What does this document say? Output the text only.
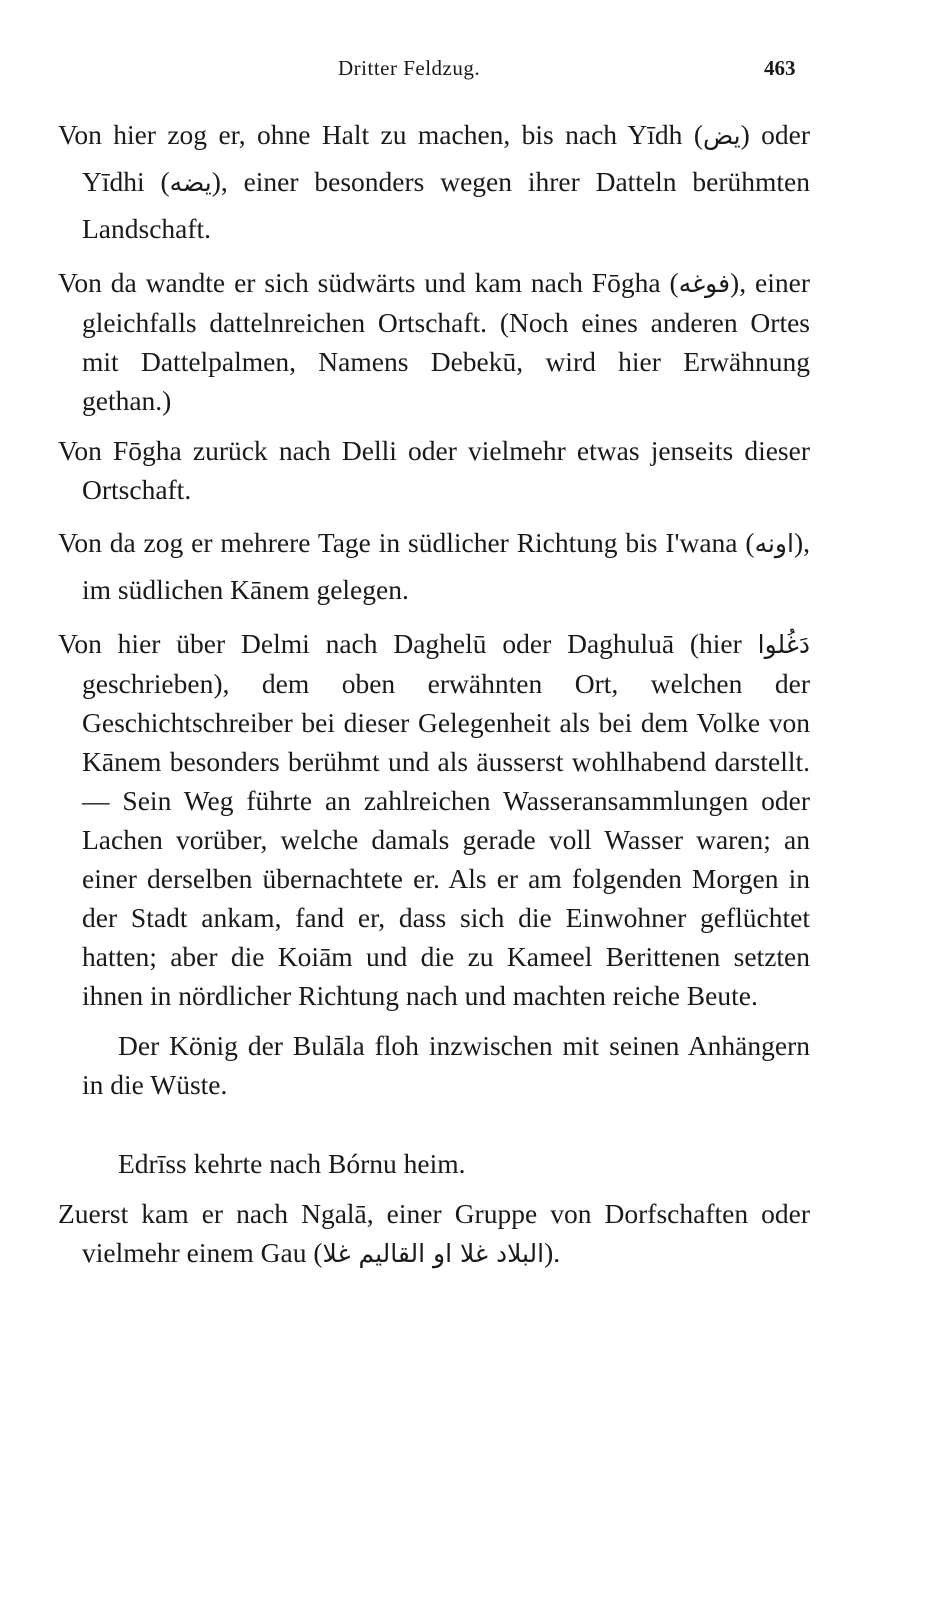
Dritter Feldzug.	463

Von hier zog er, ohne Halt zu machen, bis nach Yīdh (يض) oder Yīdhi (يضه), einer besonders wegen ihrer Datteln berühmten Landschaft.

Von da wandte er sich südwärts und kam nach Fōgha (فوغه), einer gleichfalls dattelnreichen Ortschaft. (Noch eines anderen Ortes mit Dattelpalmen, Namens Debekū, wird hier Erwähnung gethan.)

Von Fōgha zurück nach Delli oder vielmehr etwas jenseits dieser Ortschaft.

Von da zog er mehrere Tage in südlicher Richtung bis I'wana (اونه), im südlichen Kānem gelegen.

Von hier über Delmi nach Daghelū oder Daghuluā (hier دَغُلوا geschrieben), dem oben erwähnten Ort, welchen der Geschichtschreiber bei dieser Gelegenheit als bei dem Volke von Kānem besonders berühmt und als äusserst wohlhabend darstellt. — Sein Weg führte an zahlreichen Wasseransammlungen oder Lachen vorüber, welche damals gerade voll Wasser waren; an einer derselben übernachtete er. Als er am folgenden Morgen in der Stadt ankam, fand er, dass sich die Einwohner geflüchtet hatten; aber die Koiām und die zu Kameel Berittenen setzten ihnen in nördlicher Richtung nach und machten reiche Beute.

Der König der Bulāla floh inzwischen mit seinen Anhängern in die Wüste.

Edrīss kehrte nach Bórnu heim.

Zuerst kam er nach Ngalā, einer Gruppe von Dorfschaften oder vielmehr einem Gau (البلاد غلا او القاليم غلا).
